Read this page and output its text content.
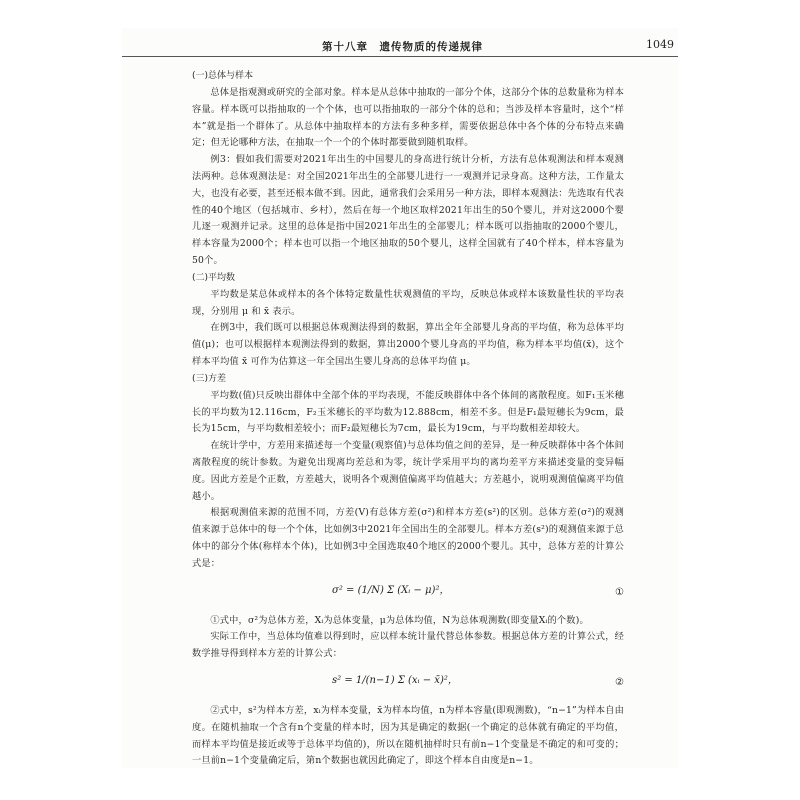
第十八章　遗传物质的传递规律	1049
(一)总体与样本

总体是指观测或研究的全部对象。样本是从总体中抽取的一部分个体，这部分个体的总数量称为样本容量。样本既可以指抽取的一个个体，也可以指抽取的一部分个体的总和；当涉及样本容量时，这个“样本”就是指一个群体了。从总体中抽取样本的方法有多种多样，需要依据总体中各个体的分布特点来确定；但无论哪种方法，在抽取一个一个的个体时都要做到随机取样。

例3：假如我们需要对2021年出生的中国婴儿的身高进行统计分析，方法有总体观测法和样本观测法两种。总体观测法是：对全国2021年出生的全部婴儿进行一一观测并记录身高。这种方法，工作量太大，也没有必要，甚至还根本做不到。因此，通常我们会采用另一种方法，即样本观测法：先选取有代表性的40个地区（包括城市、乡村），然后在每一个地区取样2021年出生的50个婴儿，并对这2000个婴儿逐一观测并记录。这里的总体是指中国2021年出生的全部婴儿；样本既可以指抽取的2000个婴儿，样本容量为2000个；样本也可以指一个地区抽取的50个婴儿，这样全国就有了40个样本，样本容量为50个。

(二)平均数

平均数是某总体或样本的各个体特定数量性状观测值的平均，反映总体或样本该数量性状的平均表现，分别用 μ 和 x̄ 表示。

在例3中，我们既可以根据总体观测法得到的数据，算出全年全部婴儿身高的平均值，称为总体平均值(μ)；也可以根据样本观测法得到的数据，算出2000个婴儿身高的平均值，称为样本平均值(x̄)，这个样本平均值 x̄ 可作为估算这一年全国出生婴儿身高的总体平均值 μ。

(三)方差

平均数(值)只反映出群体中全部个体的平均表现，不能反映群体中各个体间的离散程度。如F₁玉米穗长的平均数为12.116cm，F₂玉米穗长的平均数为12.888cm，相差不多。但是F₁最短穗长为9cm，最长为15cm，与平均数相差较小；而F₂最短穗长为7cm，最长为19cm，与平均数相差却较大。

在统计学中，方差用来描述每一个变量(观察值)与总体均值之间的差异，是一种反映群体中各个体间离散程度的统计参数。为避免出现离均差总和为零，统计学采用平均的离均差平方来描述变量的变异幅度。因此方差是个正数，方差越大，说明各个观测值偏离平均值越大；方差越小，说明观测值偏离平均值越小。

根据观测值来源的范围不同，方差(V)有总体方差(σ²)和样本方差(s²)的区别。总体方差(σ²)的观测值来源于总体中的每一个个体，比如例3中2021年全国出生的全部婴儿。样本方差(s²)的观测值来源于总体中的部分个体(称样本个体)，比如例3中全国选取40个地区的2000个婴儿。其中，总体方差的计算公式是：

σ² = (1/N) Σ (Xᵢ − μ)²，	①

①式中，σ²为总体方差，Xᵢ为总体变量，μ为总体均值，N为总体观测数(即变量Xᵢ的个数)。

实际工作中，当总体均值难以得到时，应以样本统计量代替总体参数。根据总体方差的计算公式，经数学推导得到样本方差的计算公式：

s² = 1/(n−1) Σ (xᵢ − x̄)²，	②

②式中，s²为样本方差，xᵢ为样本变量，x̄为样本均值，n为样本容量(即观测数)，“n−1”为样本自由度。在随机抽取一个含有n个变量的样本时，因为其是确定的数据(一个确定的总体就有确定的平均值，而样本平均值是接近或等于总体平均值的)，所以在随机抽样时只有前n−1个变量是不确定的和可变的；一旦前n−1个变量确定后，第n个数据也就因此确定了，即这个样本自由度是n−1。
